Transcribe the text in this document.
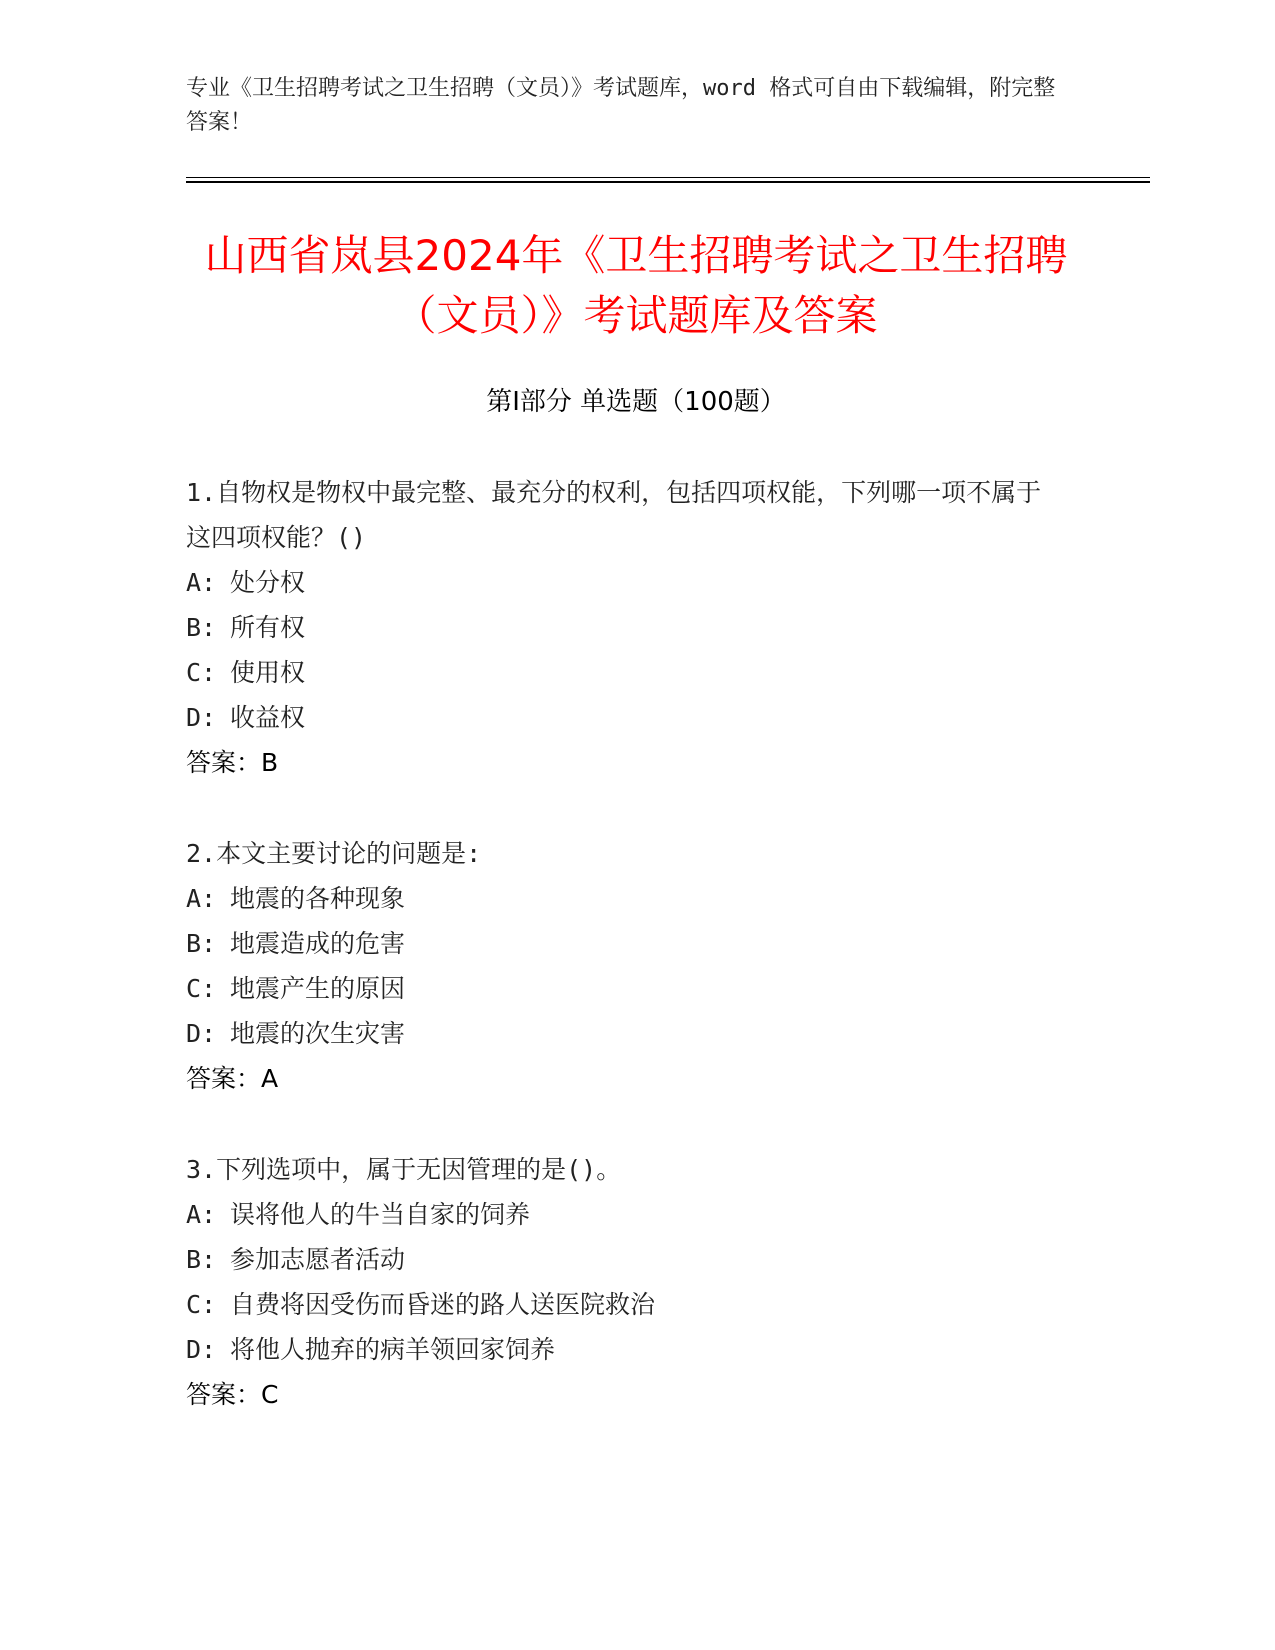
专业《卫生招聘考试之卫生招聘（文员）》考试题库，word 格式可自由下载编辑，附完整答案！
山西省岚县2024年《卫生招聘考试之卫生招聘（文员）》考试题库及答案
第Ⅰ部分 单选题（100题）
1.自物权是物权中最完整、最充分的权利，包括四项权能，下列哪一项不属于这四项权能？()
A: 处分权
B: 所有权
C: 使用权
D: 收益权
答案：B
2.本文主要讨论的问题是:
A: 地震的各种现象
B: 地震造成的危害
C: 地震产生的原因
D: 地震的次生灾害
答案：A
3.下列选项中，属于无因管理的是()。
A: 误将他人的牛当自家的饲养
B: 参加志愿者活动
C: 自费将因受伤而昏迷的路人送医院救治
D: 将他人抛弃的病羊领回家饲养
答案：C
